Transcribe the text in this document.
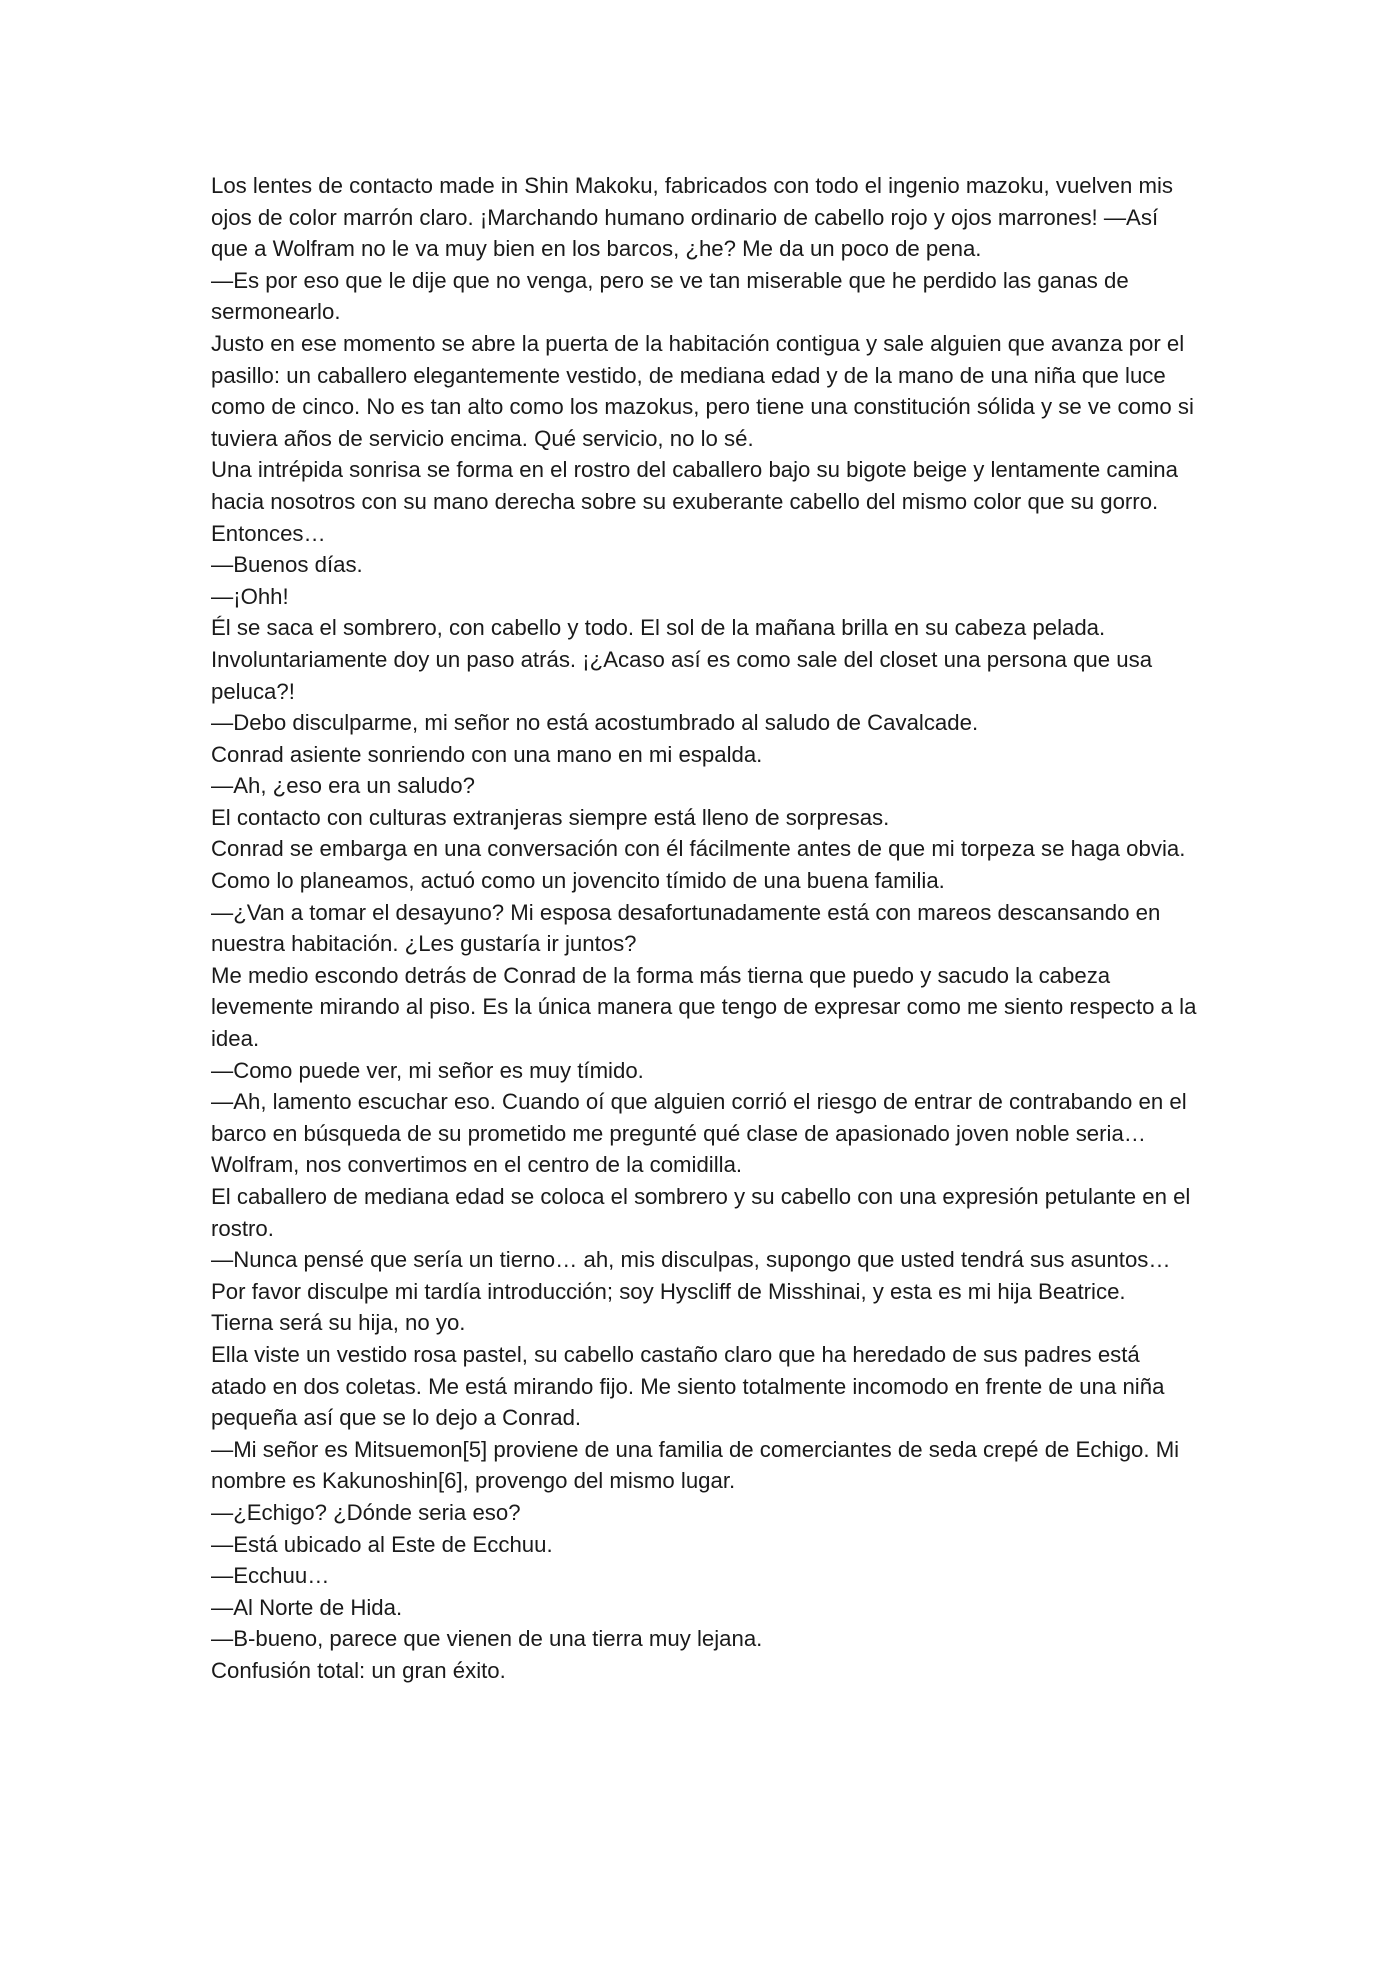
Los lentes de contacto made in Shin Makoku, fabricados con todo el ingenio mazoku, vuelven mis ojos de color marrón claro. ¡Marchando humano ordinario de cabello rojo y ojos marrones! —Así que a Wolfram no le va muy bien en los barcos, ¿he? Me da un poco de pena.

—Es por eso que le dije que no venga, pero se ve tan miserable que he perdido las ganas de sermonearlo.

Justo en ese momento se abre la puerta de la habitación contigua y sale alguien que avanza por el pasillo: un caballero elegantemente vestido, de mediana edad y de la mano de una niña que luce como de cinco. No es tan alto como los mazokus, pero tiene una constitución sólida y se ve como si tuviera años de servicio encima. Qué servicio, no lo sé.

Una intrépida sonrisa se forma en el rostro del caballero bajo su bigote beige y lentamente camina hacia nosotros con su mano derecha sobre su exuberante cabello del mismo color que su gorro. Entonces…

—Buenos días.

—¡Ohh!

Él se saca el sombrero, con cabello y todo. El sol de la mañana brilla en su cabeza pelada. Involuntariamente doy un paso atrás. ¡¿Acaso así es como sale del closet una persona que usa peluca?!

—Debo disculparme, mi señor no está acostumbrado al saludo de Cavalcade.

Conrad asiente sonriendo con una mano en mi espalda.

—Ah, ¿eso era un saludo?

El contacto con culturas extranjeras siempre está lleno de sorpresas.

Conrad se embarga en una conversación con él fácilmente antes de que mi torpeza se haga obvia. Como lo planeamos, actuó como un jovencito tímido de una buena familia.

—¿Van a tomar el desayuno? Mi esposa desafortunadamente está con mareos descansando en nuestra habitación. ¿Les gustaría ir juntos?

Me medio escondo detrás de Conrad de la forma más tierna que puedo y sacudo la cabeza levemente mirando al piso. Es la única manera que tengo de expresar como me siento respecto a la idea.

—Como puede ver, mi señor es muy tímido.

—Ah, lamento escuchar eso. Cuando oí que alguien corrió el riesgo de entrar de contrabando en el barco en búsqueda de su prometido me pregunté qué clase de apasionado joven noble seria… Wolfram, nos convertimos en el centro de la comidilla.

El caballero de mediana edad se coloca el sombrero y su cabello con una expresión petulante en el rostro.

—Nunca pensé que sería un tierno… ah, mis disculpas, supongo que usted tendrá sus asuntos… Por favor disculpe mi tardía introducción; soy Hyscliff de Misshinai, y esta es mi hija Beatrice.

Tierna será su hija, no yo.

Ella viste un vestido rosa pastel, su cabello castaño claro que ha heredado de sus padres está atado en dos coletas. Me está mirando fijo. Me siento totalmente incomodo en frente de una niña pequeña así que se lo dejo a Conrad.

—Mi señor es Mitsuemon[5] proviene de una familia de comerciantes de seda crepé de Echigo. Mi nombre es Kakunoshin[6], provengo del mismo lugar.

—¿Echigo? ¿Dónde seria eso?

—Está ubicado al Este de Ecchuu.

—Ecchuu…

—Al Norte de Hida.

—B-bueno, parece que vienen de una tierra muy lejana.

Confusión total: un gran éxito.
